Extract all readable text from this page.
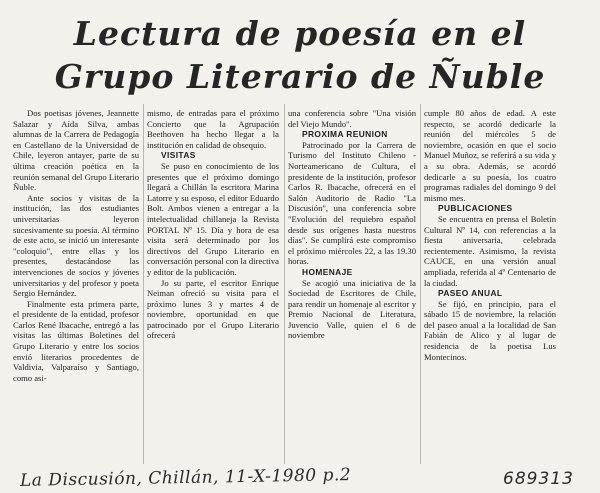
Lectura de poesía en el
Grupo Literario de Ñuble

Dos poetisas jóvenes, Jeannette Salazar y Aída Silva, ambas alumnas de la Carrera de Pedagogía en Castellano de la Universidad de Chile, leyeron antayer, parte de su última creación poética en la reunión semanal del Grupo Literario Ñuble.

Ante socios y visitas de la institución, las dos estudiantes universitarias leyeron sucesivamente su poesía. Al término de este acto, se inició un interesante "coloquio", entre ellas y los presentes, destacándose las intervenciones de socios y jóvenes universitarios y del profesor y poeta Sergio Hernández.

Finalmente esta primera parte, el presidente de la entidad, profesor Carlos René Ibacache, entregó a las visitas las últimas Boletines del Grupo Literario y entre los socios envió literarios procedentes de Valdivia, Valparaíso y Santiago, como asi-

mismo, de entradas para el próximo Concierto que la Agrupación Beethoven ha hecho llegar a la institución en calidad de obsequio.

VISITAS

Se puso en conocimiento de los presentes que el próximo domingo llegará a Chillán la escritora Marina Latorre y su esposo, el editor Eduardo Bolt. Ambos vienen a entregar a la intelectualidad chillaneja la Revista PORTAL Nº 15. Día y hora de esa visita será determinado por los directivos del Grupo Literario en conversación personal con la directiva y editor de la publicación.

Jo su parte, el escritor Enrique Neiman ofreció su visita para el próximo lunes 3 y martes 4 de noviembre, oportunidad en que patrocinado por el Grupo Literario ofrecerá

una conferencia sobre "Una visión del Viejo Mundo".

PROXIMA REUNION

Patrocinado por la Carrera de Turismo del Instituto Chileno - Norteamericano de Cultura, el presidente de la institución, profesor Carlos R. Ibacache, ofrecerá en el Salón Auditorio de Radio "La Discusión", una conferencia sobre "Evolución del requiebro español desde sus orígenes hasta nuestros días". Se cumplirá este compromiso el próximo miércoles 22, a las 19.30 horas.

HOMENAJE

Se acogió una iniciativa de la Sociedad de Escritores de Chile, para rendir un homenaje al escritor y Premio Nacional de Literatura, Juvencio Valle, quien el 6 de noviembre

cumple 80 años de edad. A este respecto, se acordó dedicarle la reunión del miércoles 5 de noviembre, ocasión en que el socio Manuel Muñoz, se referirá a su vida y a su obra. Además, se acordó dedicarle a su poesía, los cuatro programas radiales del domingo 9 del mismo mes.

PUBLICACIONES

Se encuentra en prensa el Boletín Cultural Nº 14, con referencias a la fiesta aniversaria, celebrada recientemente. Asimismo, la revista CAUCE, en una versión anual ampliada, referida al 4º Centenario de la ciudad.

PASEO ANUAL

Se fijó, en principio, para el sábado 15 de noviembre, la relación del paseo anual a la localidad de San Fabián de Alico y al lugar de residencia de la poetisa Lus Montecinos.

La Discusión, Chillán, 11-X-1980 p.2	689313
